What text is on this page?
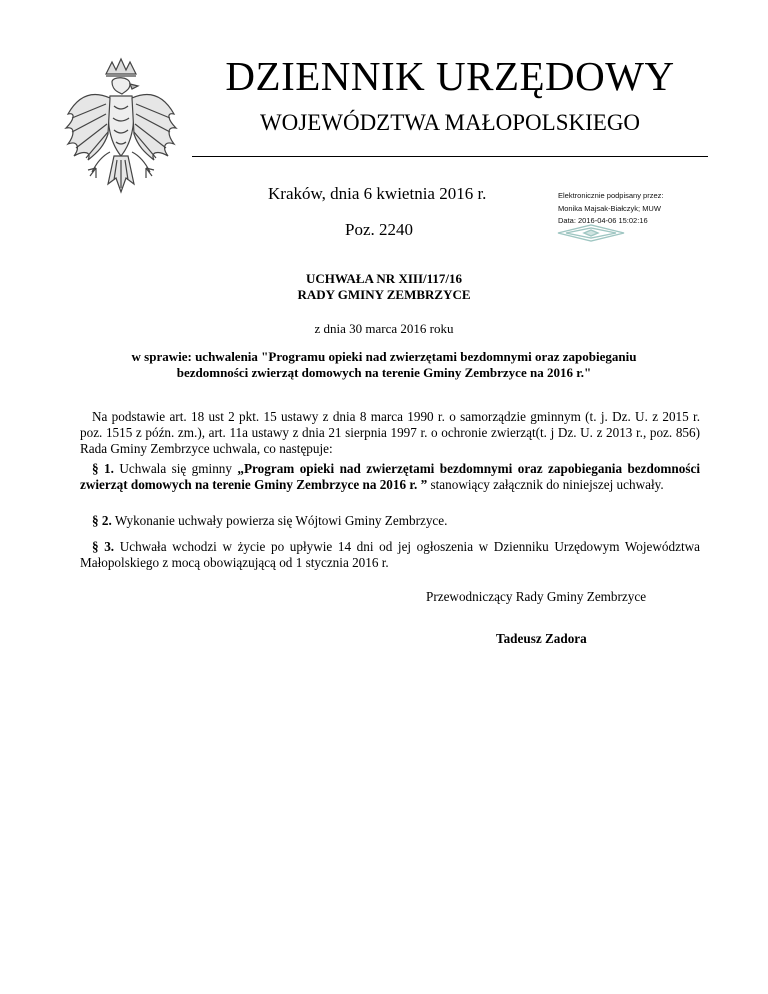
DZIENNIK URZĘDOWY
WOJEWÓDZTWA MAŁOPOLSKIEGO
Kraków, dnia 6 kwietnia 2016 r.
Poz. 2240
Elektronicznie podpisany przez:
Monika Majsak-Białczyk; MUW
Data: 2016-04-06 15:02:16
UCHWAŁA NR XIII/117/16
RADY GMINY ZEMBRZYCE
z dnia 30 marca 2016 roku
w sprawie: uchwalenia "Programu opieki nad zwierzętami bezdomnymi oraz zapobieganiu
bezdomności zwierząt domowych na terenie Gminy Zembrzyce na 2016 r."
Na podstawie art. 18 ust 2 pkt. 15 ustawy z dnia 8 marca 1990 r. o samorządzie gminnym (t. j. Dz. U. z 2015 r. poz. 1515 z późn. zm.), art. 11a ustawy z dnia 21 sierpnia 1997 r. o ochronie zwierząt(t. j Dz. U. z 2013 r., poz. 856) Rada Gminy Zembrzyce uchwala, co następuje:
§ 1. Uchwala się gminny „Program opieki nad zwierzętami bezdomnymi oraz zapobiegania bezdomności zwierząt domowych na terenie Gminy Zembrzyce na 2016 r. ” stanowiący załącznik do niniejszej uchwały.
§ 2. Wykonanie uchwały powierza się Wójtowi Gminy Zembrzyce.
§ 3. Uchwała wchodzi w życie po upływie 14 dni od jej ogłoszenia w Dzienniku Urzędowym Województwa Małopolskiego z mocą obowiązującą od 1 stycznia 2016 r.
Przewodniczący Rady Gminy Zembrzyce
Tadeusz Zadora
